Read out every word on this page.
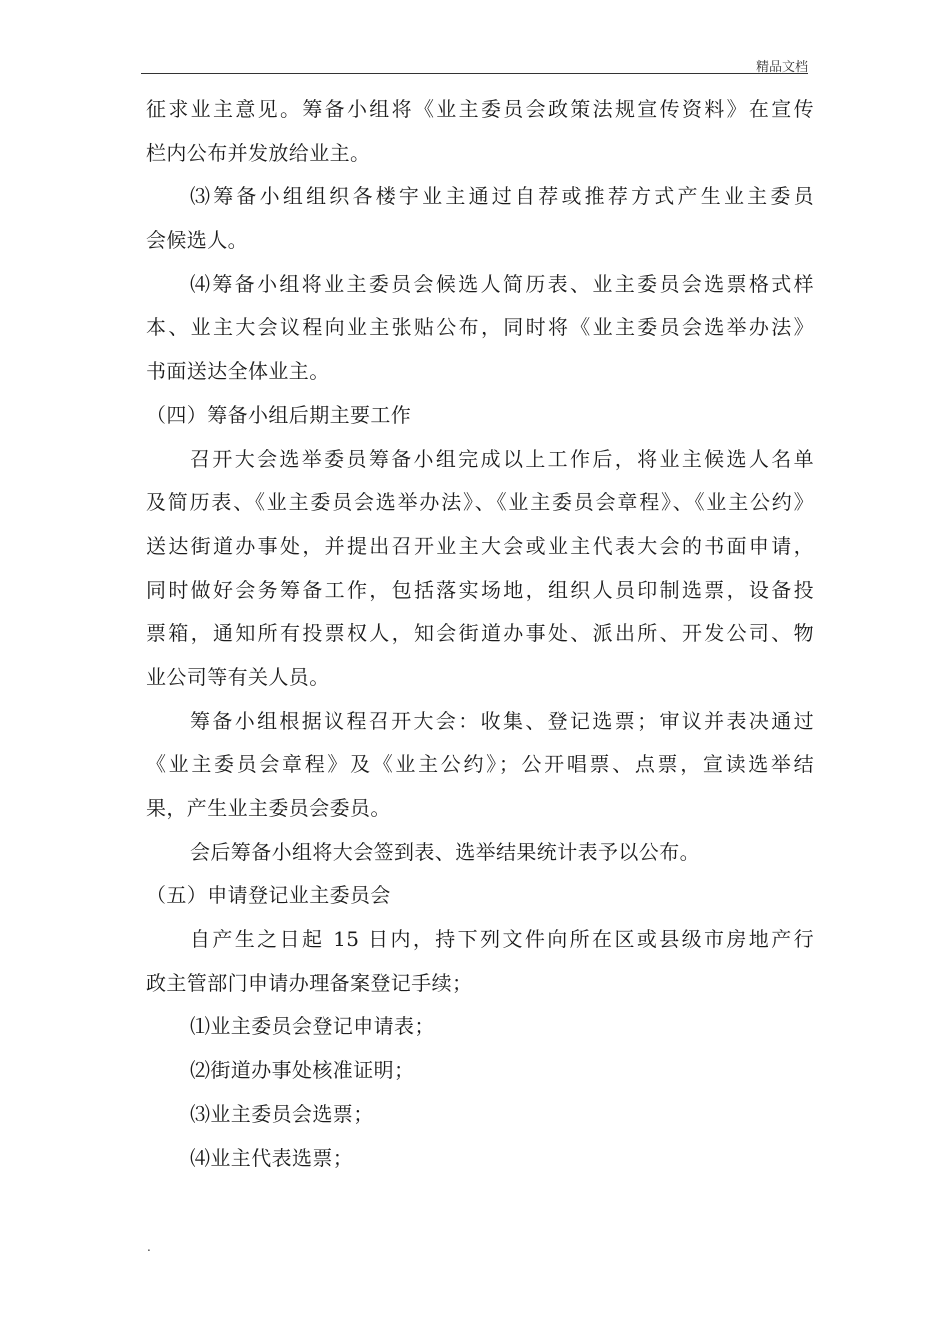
精品文档
征求业主意见。筹备小组将《业主委员会政策法规宣传资料》在宣传
栏内公布并发放给业主。
⑶筹备小组组织各楼宇业主通过自荐或推荐方式产生业主委员
会候选人。
⑷筹备小组将业主委员会候选人简历表、业主委员会选票格式样
本、业主大会议程向业主张贴公布，同时将《业主委员会选举办法》
书面送达全体业主。
（四）筹备小组后期主要工作
召开大会选举委员筹备小组完成以上工作后，将业主候选人名单
及简历表、《业主委员会选举办法》、《业主委员会章程》、《业主公约》
送达街道办事处，并提出召开业主大会或业主代表大会的书面申请，
同时做好会务筹备工作，包括落实场地，组织人员印制选票，设备投
票箱，通知所有投票权人，知会街道办事处、派出所、开发公司、物
业公司等有关人员。
筹备小组根据议程召开大会：收集、登记选票；审议并表决通过
《业主委员会章程》及《业主公约》；公开唱票、点票，宣读选举结
果，产生业主委员会委员。
会后筹备小组将大会签到表、选举结果统计表予以公布。
（五）申请登记业主委员会
自产生之日起 15 日内，持下列文件向所在区或县级市房地产行
政主管部门申请办理备案登记手续；
⑴业主委员会登记申请表；
⑵街道办事处核准证明；
⑶业主委员会选票；
⑷业主代表选票；
.
